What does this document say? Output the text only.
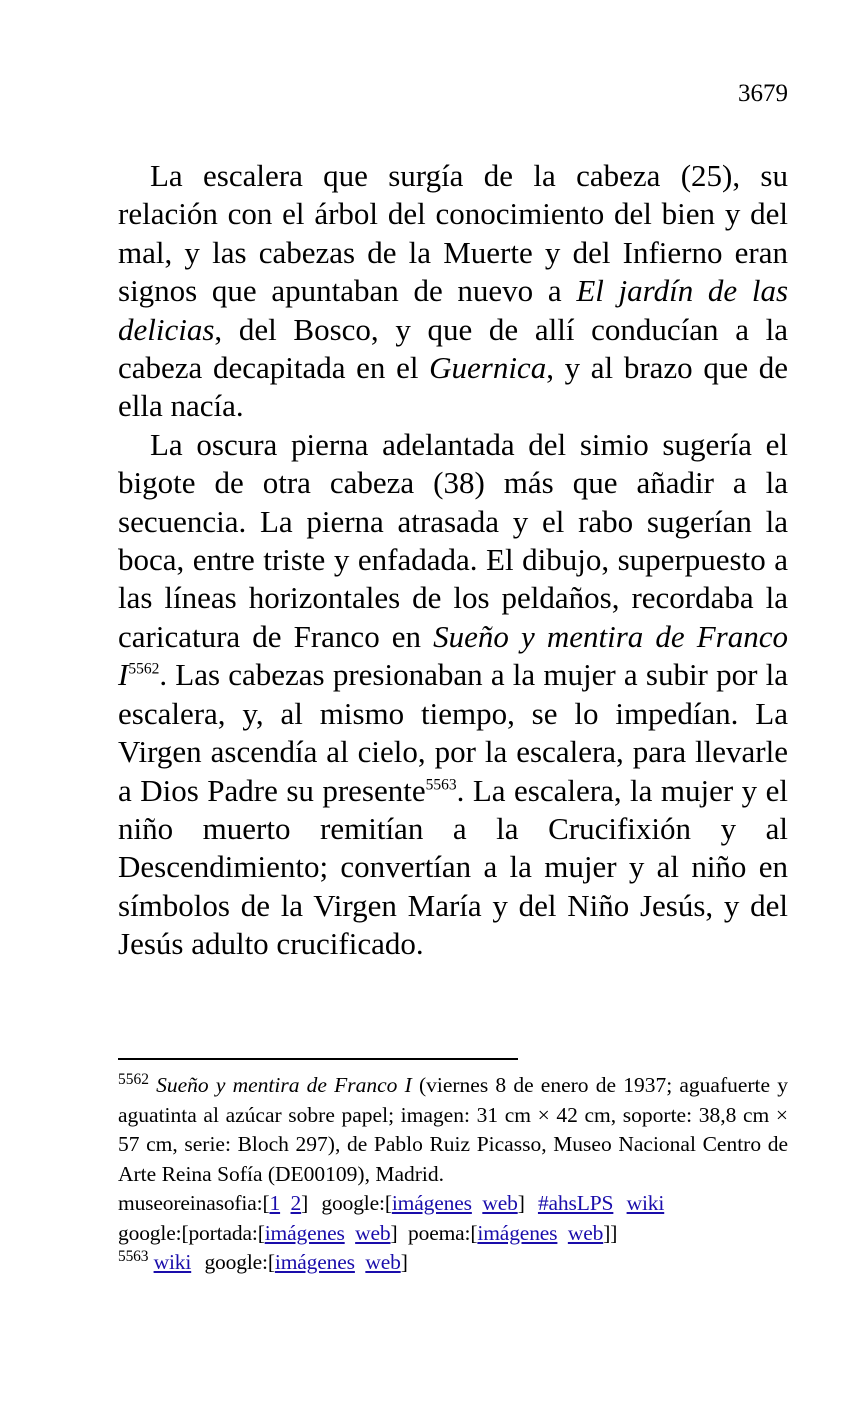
3679

La escalera que surgía de la cabeza (25), su relación con el árbol del conocimiento del bien y del mal, y las cabezas de la Muerte y del Infierno eran signos que apuntaban de nuevo a El jardín de las delicias, del Bosco, y que de allí conducían a la cabeza decapitada en el Guernica, y al brazo que de ella nacía.

La oscura pierna adelantada del simio sugería el bigote de otra cabeza (38) más que añadir a la secuencia. La pierna atrasada y el rabo sugerían la boca, entre triste y enfadada. El dibujo, superpuesto a las líneas horizontales de los peldaños, recordaba la caricatura de Franco en Sueño y mentira de Franco $I^{5562}$. Las cabezas presionaban a la mujer a subir por la escalera, y, al mismo tiempo, se lo impedían. La Virgen ascendía al cielo, por la escalera, para llevarle a Dios Padre su presente$^{5563}$. La escalera, la mujer y el niño muerto remitían a la Crucifixión y al Descendimiento; convertían a la mujer y al niño en símbolos de la Virgen María y del Niño Jesús, y del Jesús adulto crucificado.

$^{5562}$ Sueño y mentira de Franco I (viernes 8 de enero de 1937; aguafuerte y aguatinta al azúcar sobre papel; imagen: 31 cm × 42 cm, soporte: 38,8 cm × 57 cm, serie: Bloch 297), de Pablo Ruiz Picasso, Museo Nacional Centro de Arte Reina Sofía (DE00109), Madrid.

museoreinasofia:[1 2] google:[imágenes web] #ahsLPS wiki

google:[portada:[imágenes web] poema:[imágenes web]]

$^{5563}$ wiki google:[imágenes web]
